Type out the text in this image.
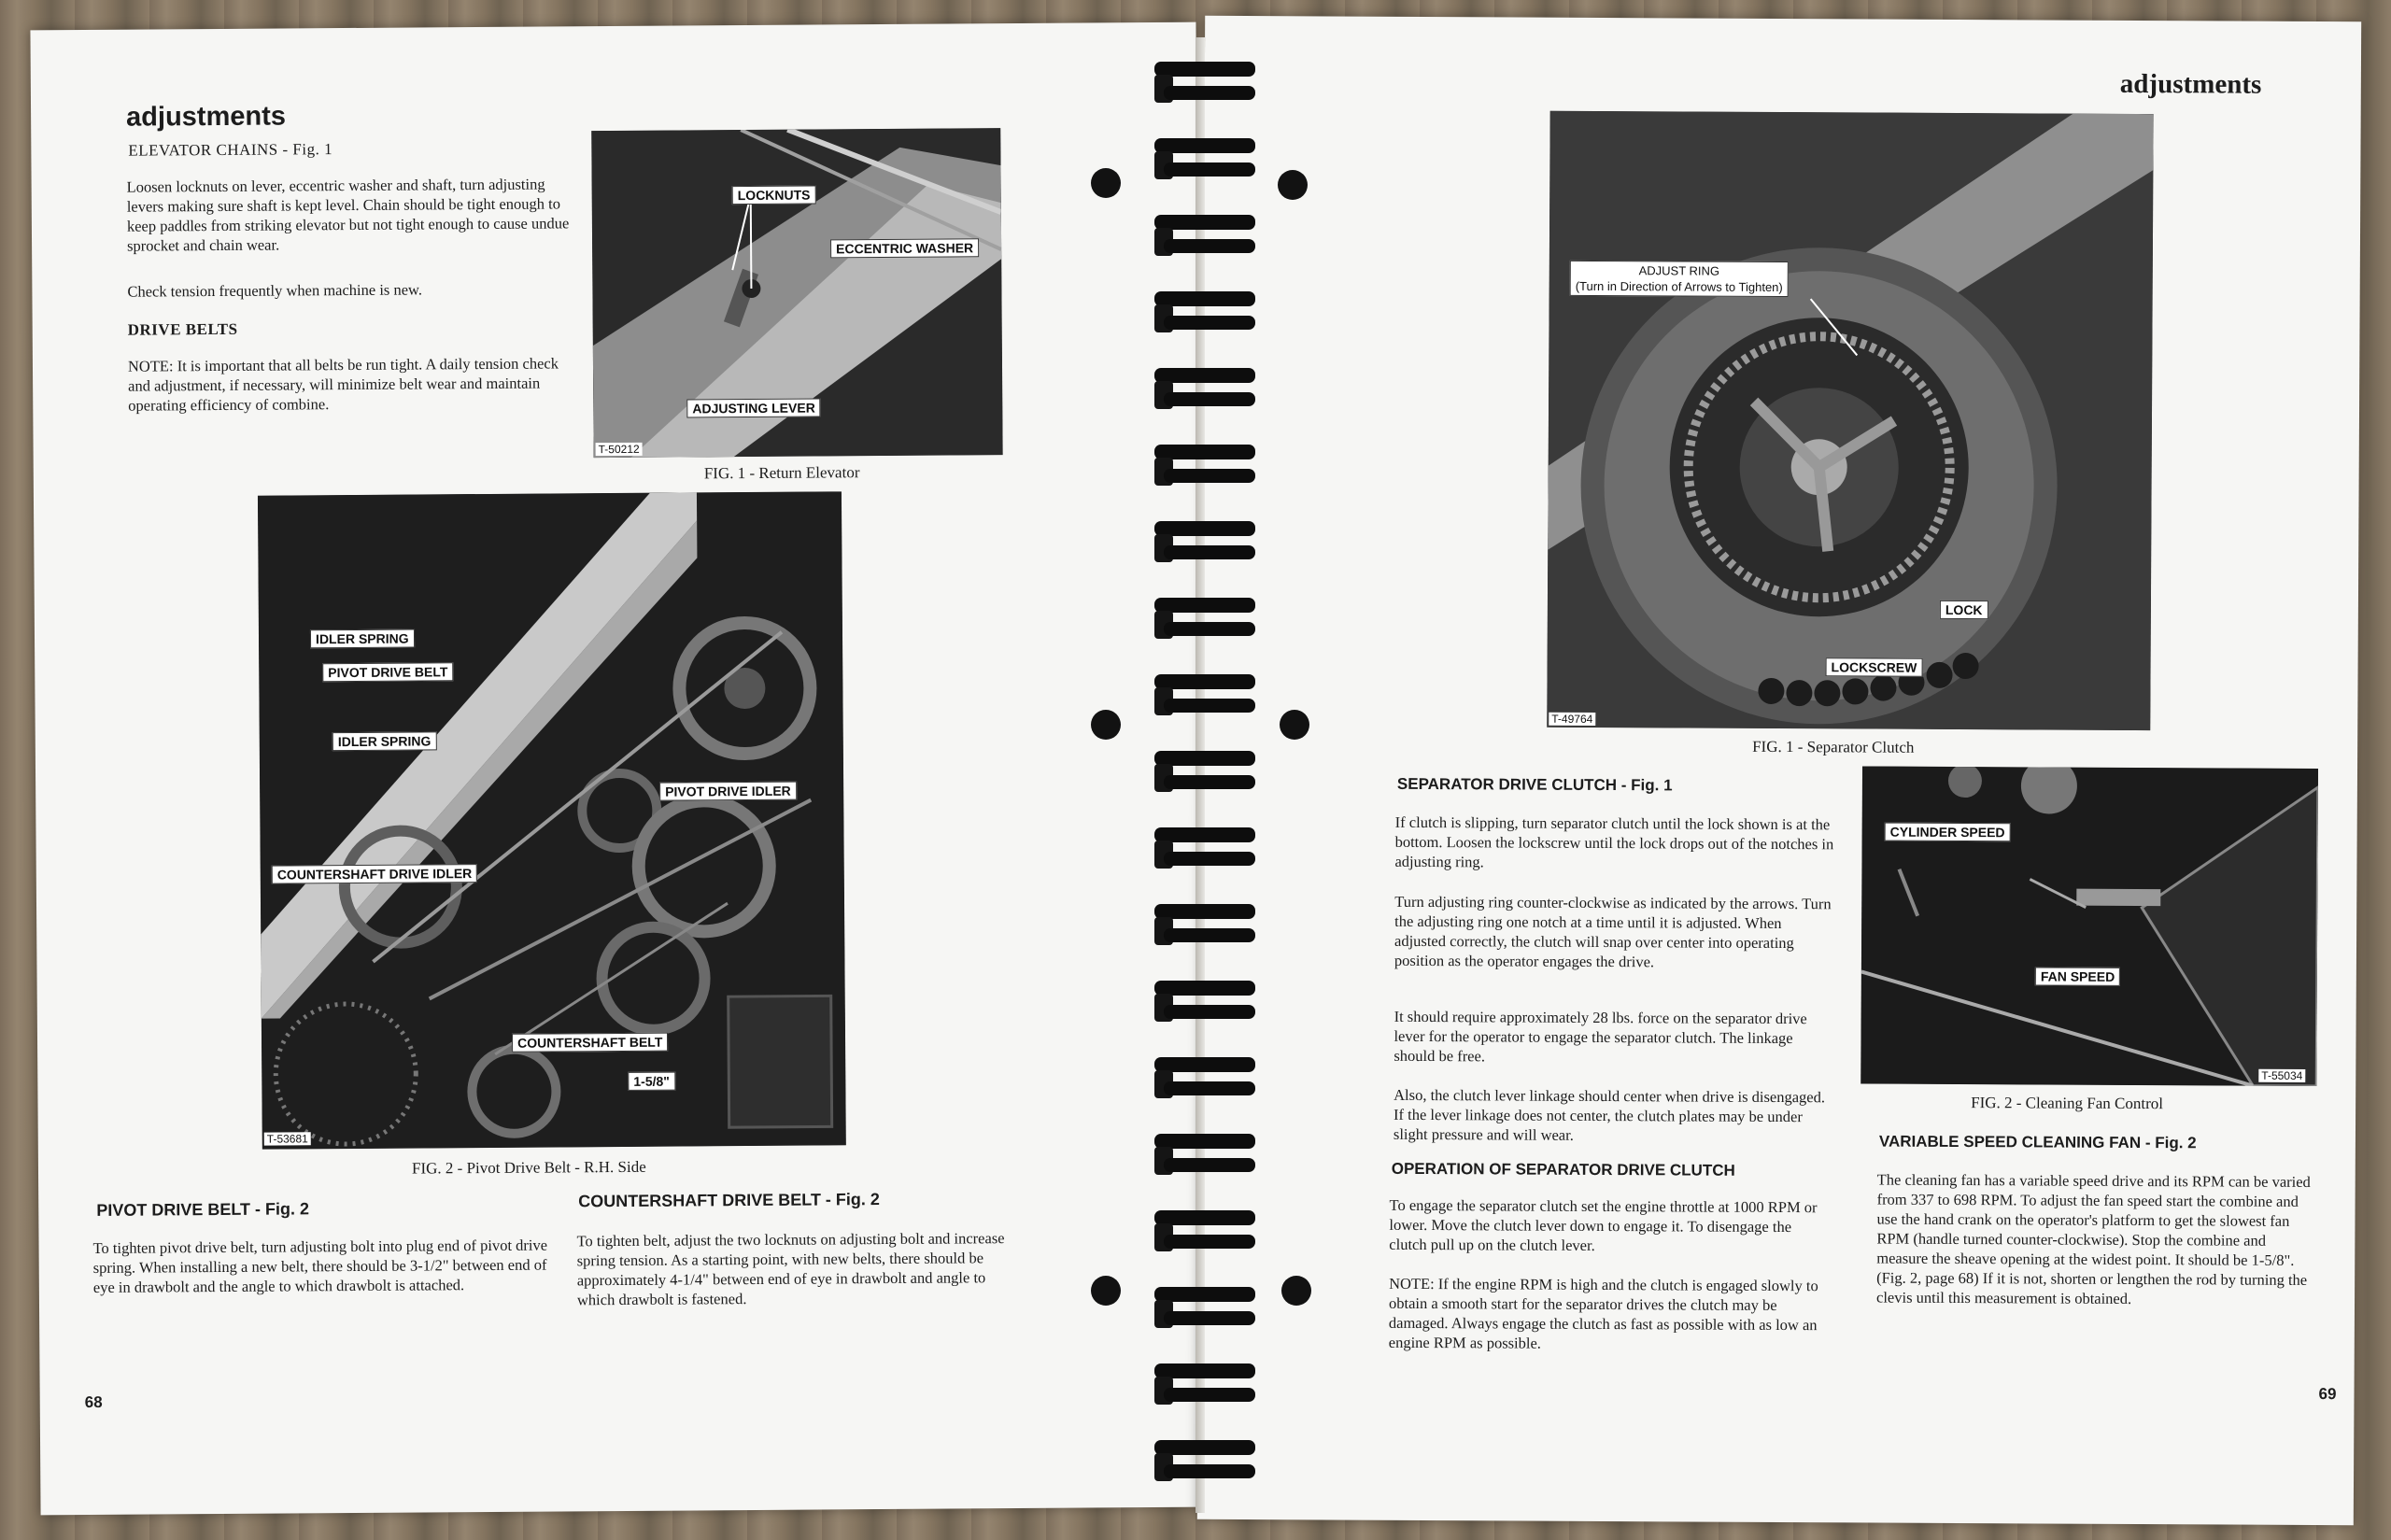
adjustments
ELEVATOR CHAINS - Fig. 1
Loosen locknuts on lever, eccentric washer and shaft, turn adjusting levers making sure shaft is kept level. Chain should be tight enough to keep paddles from striking elevator but not tight enough to cause undue sprocket and chain wear.
Check tension frequently when machine is new.
DRIVE BELTS
NOTE: It is important that all belts be run tight. A daily tension check and adjustment, if necessary, will minimize belt wear and maintain operating efficiency of combine.
LOCKNUTS
ECCENTRIC WASHER
ADJUSTING LEVER
T-50212
FIG. 1 - Return Elevator
IDLER SPRING
PIVOT DRIVE BELT
IDLER SPRING
PIVOT DRIVE IDLER
COUNTERSHAFT DRIVE IDLER
COUNTERSHAFT BELT
1-5/8"
T-53681
FIG. 2 - Pivot Drive Belt - R.H. Side
PIVOT DRIVE BELT - Fig. 2
To tighten pivot drive belt, turn adjusting bolt into plug end of pivot drive spring. When installing a new belt, there should be 3-1/2" between end of eye in drawbolt and the angle to which drawbolt is attached.
COUNTERSHAFT DRIVE BELT - Fig. 2
To tighten belt, adjust the two locknuts on adjusting bolt and increase spring tension. As a starting point, with new belts, there should be approximately 4-1/4" between end of eye in drawbolt and angle to which drawbolt is fastened.
68
adjustments
ADJUST RING
(Turn in Direction of Arrows to Tighten)
LOCK
LOCKSCREW
T-49764
FIG. 1 - Separator Clutch
SEPARATOR DRIVE CLUTCH - Fig. 1
If clutch is slipping, turn separator clutch until the lock shown is at the bottom. Loosen the lockscrew until the lock drops out of the notches in adjusting ring.
Turn adjusting ring counter-clockwise as indicated by the arrows. Turn the adjusting ring one notch at a time until it is adjusted. When adjusted correctly, the clutch will snap over center into operating position as the operator engages the drive.
It should require approximately 28 lbs. force on the separator drive lever for the operator to engage the separator clutch. The linkage should be free.
Also, the clutch lever linkage should center when drive is disengaged. If the lever linkage does not center, the clutch plates may be under slight pressure and will wear.
OPERATION OF SEPARATOR DRIVE CLUTCH
To engage the separator clutch set the engine throttle at 1000 RPM or lower. Move the clutch lever down to engage it. To disengage the clutch pull up on the clutch lever.
NOTE: If the engine RPM is high and the clutch is engaged slowly to obtain a smooth start for the separator drives the clutch may be damaged. Always engage the clutch as fast as possible with as low an engine RPM as possible.
CYLINDER SPEED
FAN SPEED
T-55034
FIG. 2 - Cleaning Fan Control
VARIABLE SPEED CLEANING FAN - Fig. 2
The cleaning fan has a variable speed drive and its RPM can be varied from 337 to 698 RPM. To adjust the fan speed start the combine and use the hand crank on the operator's platform to get the slowest fan RPM (handle turned counter-clockwise). Stop the combine and measure the sheave opening at the widest point. It should be 1-5/8". (Fig. 2, page 68) If it is not, shorten or lengthen the rod by turning the clevis until this measurement is obtained.
69
